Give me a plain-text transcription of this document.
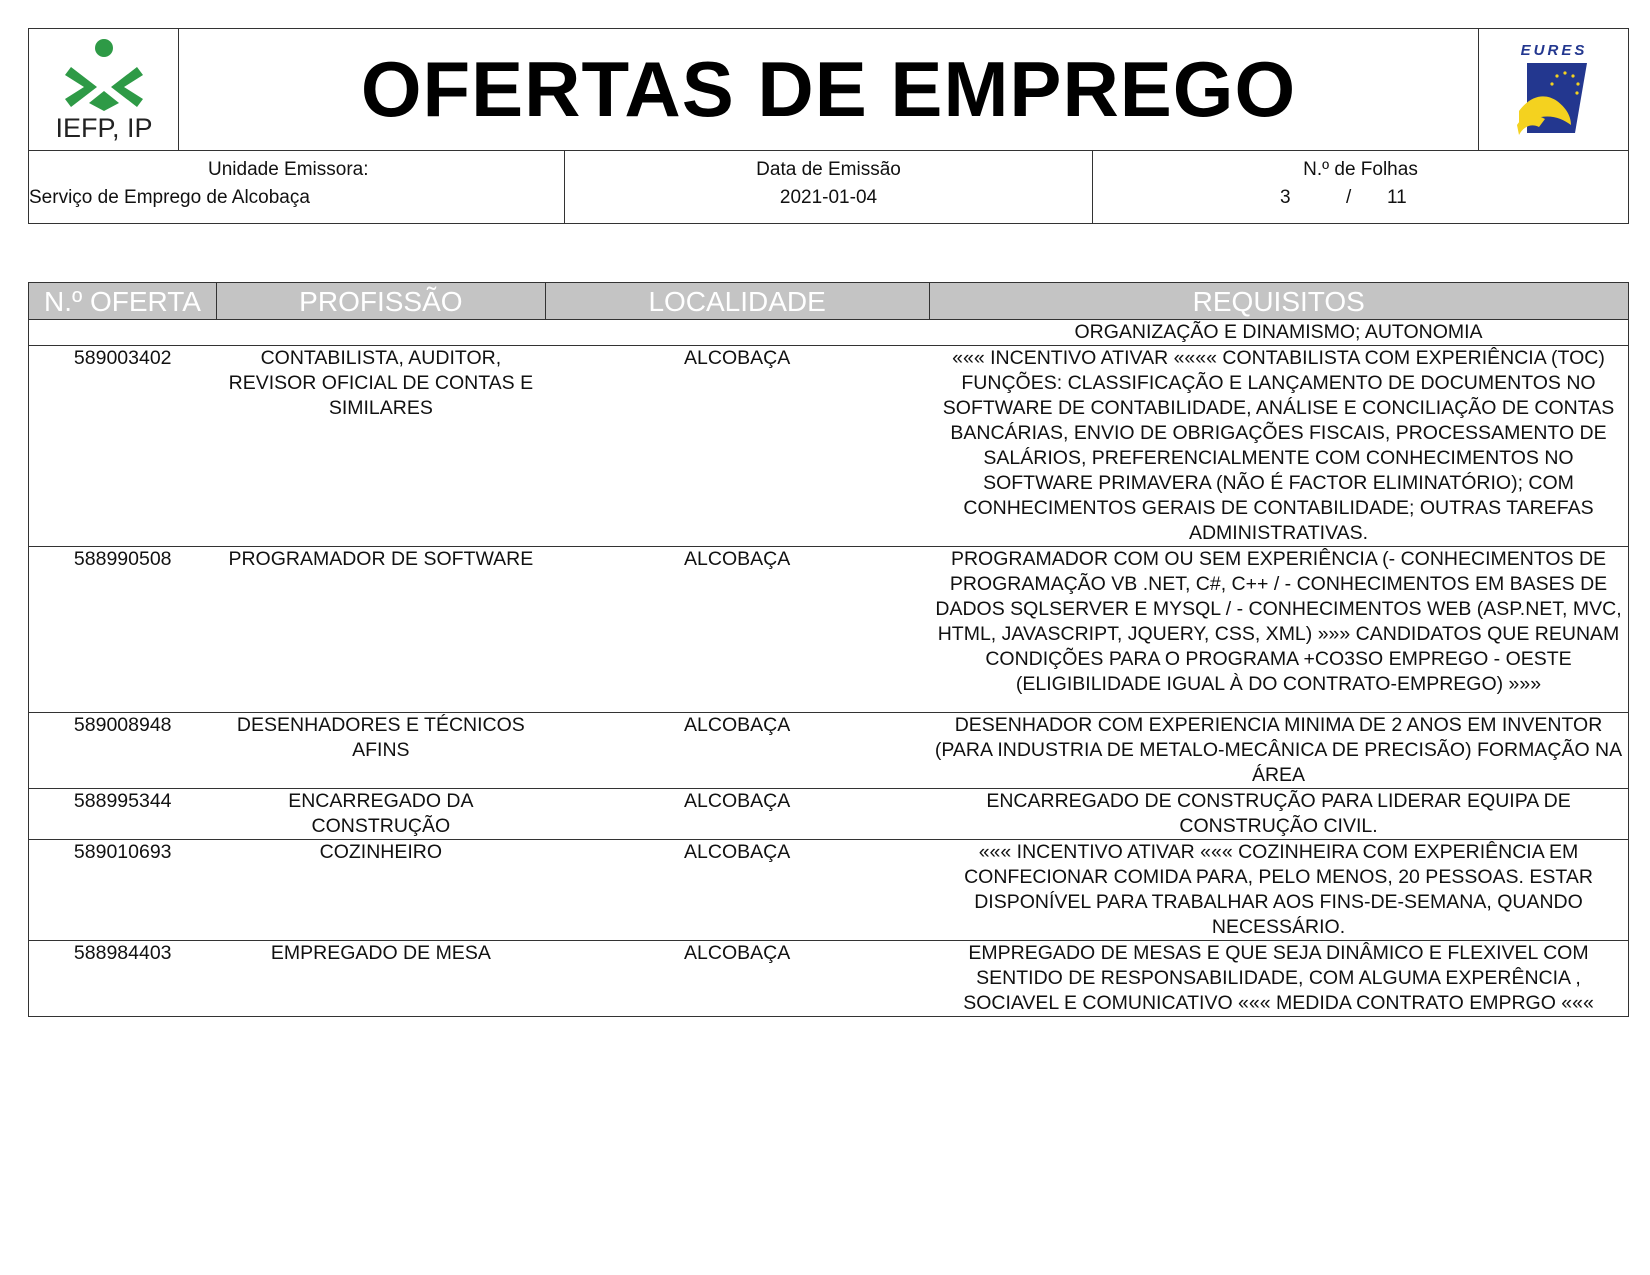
IEFP, IP	OFERTAS DE EMPREGO	EURES
Unidade Emissora:
Serviço de Emprego de Alcobaça
Data de Emissão
2021-01-04
N.º de Folhas
3	/ 11
N.º OFERTA	PROFISSÃO	LOCALIDADE	REQUISITOS
			ORGANIZAÇÃO E DINAMISMO; AUTONOMIA
589003402	CONTABILISTA, AUDITOR, REVISOR OFICIAL DE CONTAS E SIMILARES	ALCOBAÇA	««« INCENTIVO ATIVAR «««« CONTABILISTA COM EXPERIÊNCIA (TOC) FUNÇÕES: CLASSIFICAÇÃO E LANÇAMENTO DE DOCUMENTOS NO SOFTWARE DE CONTABILIDADE, ANÁLISE E CONCILIAÇÃO DE CONTAS BANCÁRIAS, ENVIO DE OBRIGAÇÕES FISCAIS, PROCESSAMENTO DE SALÁRIOS, PREFERENCIALMENTE COM CONHECIMENTOS NO SOFTWARE PRIMAVERA (NÃO É FACTOR ELIMINATÓRIO); COM CONHECIMENTOS GERAIS DE CONTABILIDADE; OUTRAS TAREFAS ADMINISTRATIVAS.
588990508	PROGRAMADOR DE SOFTWARE	ALCOBAÇA	PROGRAMADOR COM OU SEM EXPERIÊNCIA (- CONHECIMENTOS DE PROGRAMAÇÃO VB .NET, C#, C++ / - CONHECIMENTOS EM BASES DE DADOS SQLSERVER E MYSQL / - CONHECIMENTOS WEB (ASP.NET, MVC, HTML, JAVASCRIPT, JQUERY, CSS, XML) »»» CANDIDATOS QUE REUNAM CONDIÇÕES PARA O PROGRAMA +CO3SO EMPREGO - OESTE (ELIGIBILIDADE IGUAL À DO CONTRATO-EMPREGO) »»»
589008948	DESENHADORES E TÉCNICOS AFINS	ALCOBAÇA	DESENHADOR COM EXPERIENCIA MINIMA DE 2 ANOS EM INVENTOR (PARA INDUSTRIA DE METALO-MECÂNICA DE PRECISÃO) FORMAÇÃO NA ÁREA
588995344	ENCARREGADO DA CONSTRUÇÃO	ALCOBAÇA	ENCARREGADO DE CONSTRUÇÃO PARA LIDERAR EQUIPA DE CONSTRUÇÃO CIVIL.
589010693	COZINHEIRO	ALCOBAÇA	««« INCENTIVO ATIVAR ««« COZINHEIRA COM EXPERIÊNCIA EM CONFECIONAR COMIDA PARA, PELO MENOS, 20 PESSOAS. ESTAR DISPONÍVEL PARA TRABALHAR AOS FINS-DE-SEMANA, QUANDO NECESSÁRIO.
588984403	EMPREGADO DE MESA	ALCOBAÇA	EMPREGADO DE MESAS E QUE SEJA DINÂMICO E FLEXIVEL COM SENTIDO DE RESPONSABILIDADE, COM ALGUMA EXPERÊNCIA , SOCIAVEL E COMUNICATIVO ««« MEDIDA CONTRATO EMPRGO «««
